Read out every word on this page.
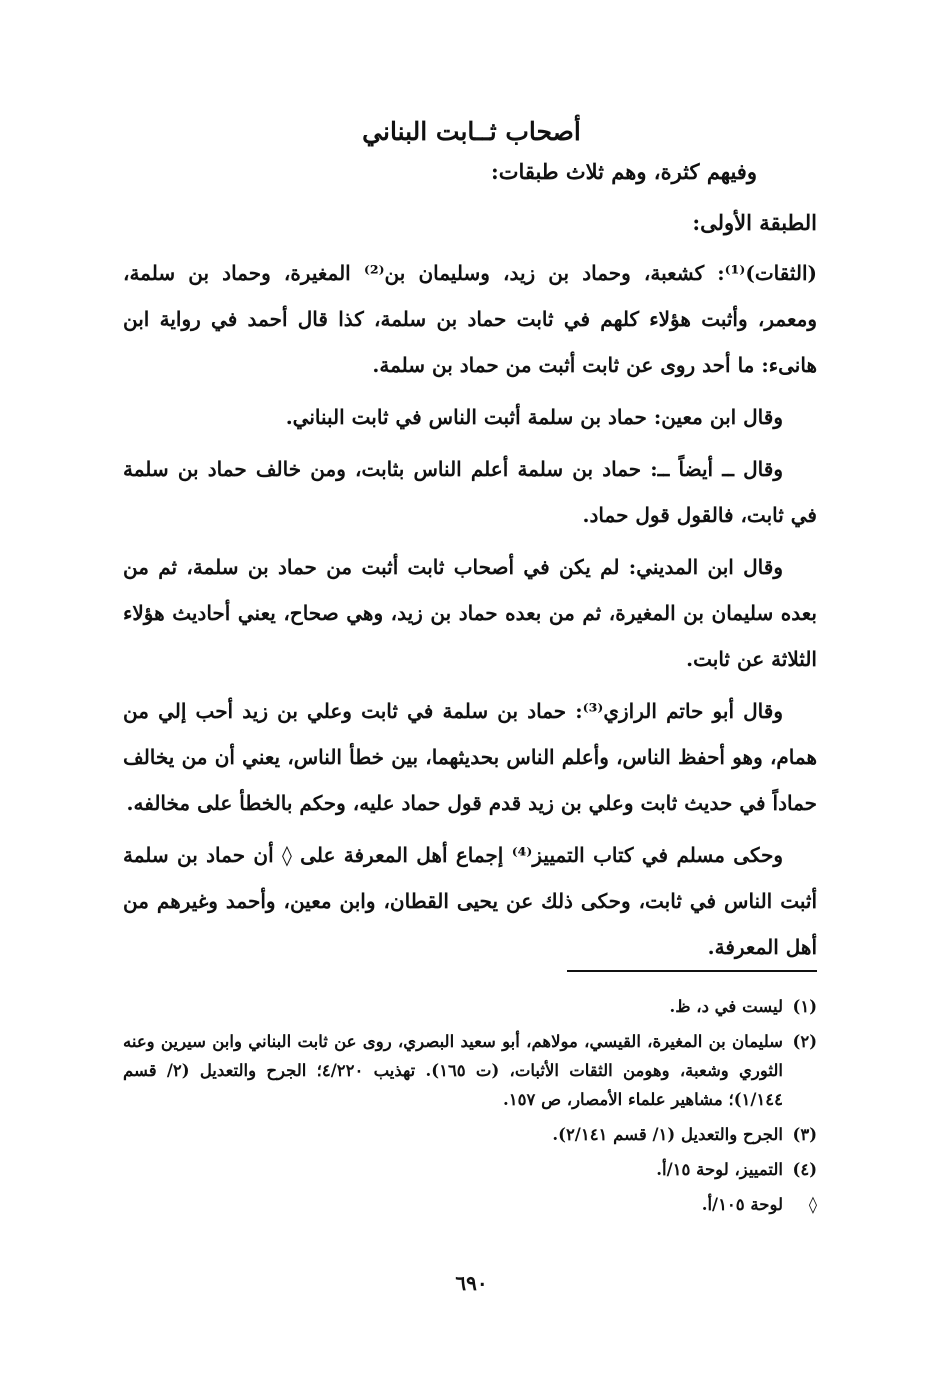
أصحاب ثــابت البناني
وفيهم كثرة، وهم ثلاث طبقات:
الطبقة الأولى:

(الثقات)⁽¹⁾: كشعبة، وحماد بن زيد، وسليمان بن⁽²⁾ المغيرة، وحماد بن سلمة، ومعمر، وأثبت هؤلاء كلهم في ثابت حماد بن سلمة، كذا قال أحمد في رواية ابن هانىء: ما أحد روى عن ثابت أثبت من حماد بن سلمة.

وقال ابن معين: حماد بن سلمة أثبت الناس في ثابت البناني.

وقال ــ أيضاً ــ: حماد بن سلمة أعلم الناس بثابت، ومن خالف حماد بن سلمة في ثابت، فالقول قول حماد.

وقال ابن المديني: لم يكن في أصحاب ثابت أثبت من حماد بن سلمة، ثم من بعده سليمان بن المغيرة، ثم من بعده حماد بن زيد، وهي صحاح، يعني أحاديث هؤلاء الثلاثة عن ثابت.

وقال أبو حاتم الرازي⁽³⁾: حماد بن سلمة في ثابت وعلي بن زيد أحب إلي من همام، وهو أحفظ الناس، وأعلم الناس بحديثهما، بين خطأ الناس، يعني أن من يخالف حماداً في حديث ثابت وعلي بن زيد قدم قول حماد عليه، وحكم بالخطأ على مخالفه.

وحكى مسلم في كتاب التمييز⁽⁴⁾ إجماع أهل المعرفة على ◊ أن حماد بن سلمة أثبت الناس في ثابت، وحكى ذلك عن يحيى القطان، وابن معين، وأحمد وغيرهم من أهل المعرفة.

(١)
ليست في د، ظ.
(٢)
سليمان بن المغيرة، القيسي، مولاهم، أبو سعيد البصري، روى عن ثابت البناني وابن سيرين وعنه الثوري وشعبة، وهومن الثقات الأثبات، (ت ١٦٥). تهذيب ٤/٢٢٠؛ الجرح والتعديل (٢/ قسم ١/١٤٤)؛ مشاهير علماء الأمصار، ص ١٥٧.
(٣)
الجرح والتعديل (١/ قسم ٢/١٤١).
(٤)
التمييز، لوحة ١٥/أ.
◊
لوحة ١٠٥/أ.
٦٩٠
